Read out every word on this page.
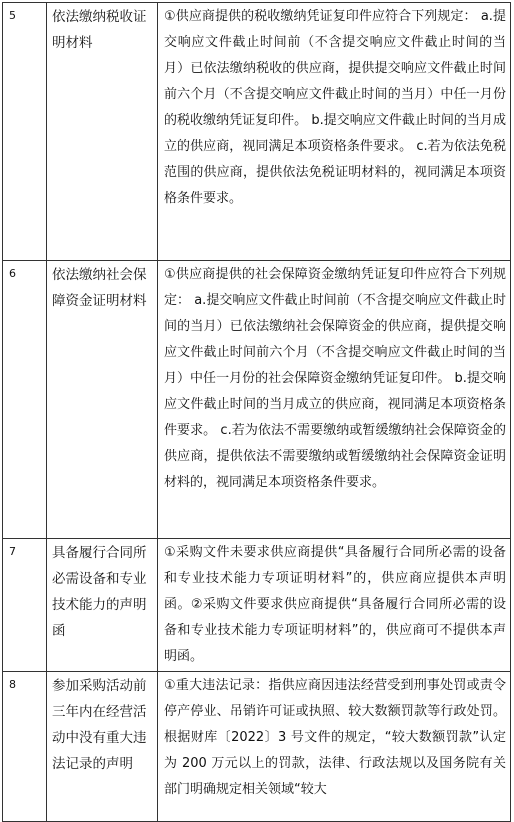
5	依法缴纳税收证明材料	①供应商提供的税收缴纳凭证复印件应符合下列规定： a.提交响应文件截止时间前（不含提交响应文件截止时间的当月）已依法缴纳税收的供应商，提供提交响应文件截止时间前六个月（不含提交响应文件截止时间的当月）中任一月份的税收缴纳凭证复印件。 b.提交响应文件截止时间的当月成立的供应商，视同满足本项资格条件要求。 c.若为依法免税范围的供应商，提供依法免税证明材料的，视同满足本项资格条件要求。
6	依法缴纳社会保障资金证明材料	①供应商提供的社会保障资金缴纳凭证复印件应符合下列规定： a.提交响应文件截止时间前（不含提交响应文件截止时间的当月）已依法缴纳社会保障资金的供应商，提供提交响应文件截止时间前六个月（不含提交响应文件截止时间的当月）中任一月份的社会保障资金缴纳凭证复印件。 b.提交响应文件截止时间的当月成立的供应商，视同满足本项资格条件要求。 c.若为依法不需要缴纳或暂缓缴纳社会保障资金的供应商，提供依法不需要缴纳或暂缓缴纳社会保障资金证明材料的，视同满足本项资格条件要求。
7	具备履行合同所必需设备和专业技术能力的声明函	①采购文件未要求供应商提供“具备履行合同所必需的设备和专业技术能力专项证明材料”的，供应商应提供本声明函。②采购文件要求供应商提供“具备履行合同所必需的设备和专业技术能力专项证明材料”的，供应商可不提供本声明函。
8	参加采购活动前三年内在经营活动中没有重大违法记录的声明	①重大违法记录：指供应商因违法经营受到刑事处罚或责令停产停业、吊销许可证或执照、较大数额罚款等行政处罚。根据财库〔2022〕3 号文件的规定，“较大数额罚款”认定为 200 万元以上的罚款，法律、行政法规以及国务院有关部门明确规定相关领域“较大
